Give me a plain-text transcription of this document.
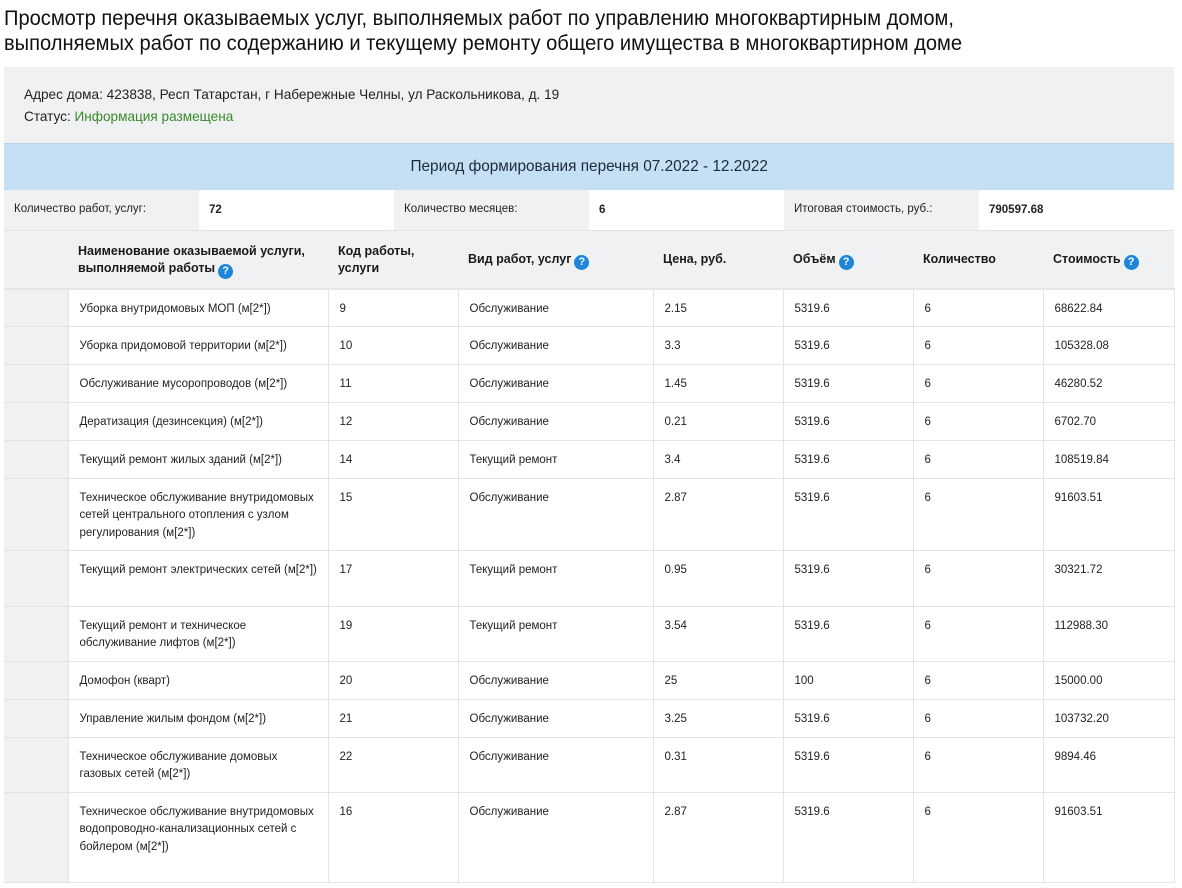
Просмотр перечня оказываемых услуг, выполняемых работ по управлению многоквартирным домом,
выполняемых работ по содержанию и текущему ремонту общего имущества в многоквартирном доме
Адрес дома: 423838, Респ Татарстан, г Набережные Челны, ул Раскольникова, д. 19
Статус: Информация размещена
Период формирования перечня 07.2022 - 12.2022
Количество работ, услуг:	72	Количество месяцев:	6	Итоговая стоимость, руб.:	790597.68
	Наименование оказываемой услуги, выполняемой работы ?	Код работы, услуги	Вид работ, услуг ?	Цена, руб.	Объём ?	Количество	Стоимость ?
	Уборка внутридомовых МОП (м[2*])	9	Обслуживание	2.15	5319.6	6	68622.84
	Уборка придомовой территории (м[2*])	10	Обслуживание	3.3	5319.6	6	105328.08
	Обслуживание мусоропроводов (м[2*])	11	Обслуживание	1.45	5319.6	6	46280.52
	Дератизация (дезинсекция) (м[2*])	12	Обслуживание	0.21	5319.6	6	6702.70
	Текущий ремонт жилых зданий (м[2*])	14	Текущий ремонт	3.4	5319.6	6	108519.84
	Техническое обслуживание внутридомовых сетей центрального отопления с узлом регулирования (м[2*])	15	Обслуживание	2.87	5319.6	6	91603.51
	Текущий ремонт электрических сетей (м[2*])	17	Текущий ремонт	0.95	5319.6	6	30321.72
	Текущий ремонт и техническое обслуживание лифтов (м[2*])	19	Текущий ремонт	3.54	5319.6	6	112988.30
	Домофон (кварт)	20	Обслуживание	25	100	6	15000.00
	Управление жилым фондом (м[2*])	21	Обслуживание	3.25	5319.6	6	103732.20
	Техническое обслуживание домовых газовых сетей (м[2*])	22	Обслуживание	0.31	5319.6	6	9894.46
	Техническое обслуживание внутридомовых водопроводно-канализационных сетей с бойлером (м[2*])	16	Обслуживание	2.87	5319.6	6	91603.51
